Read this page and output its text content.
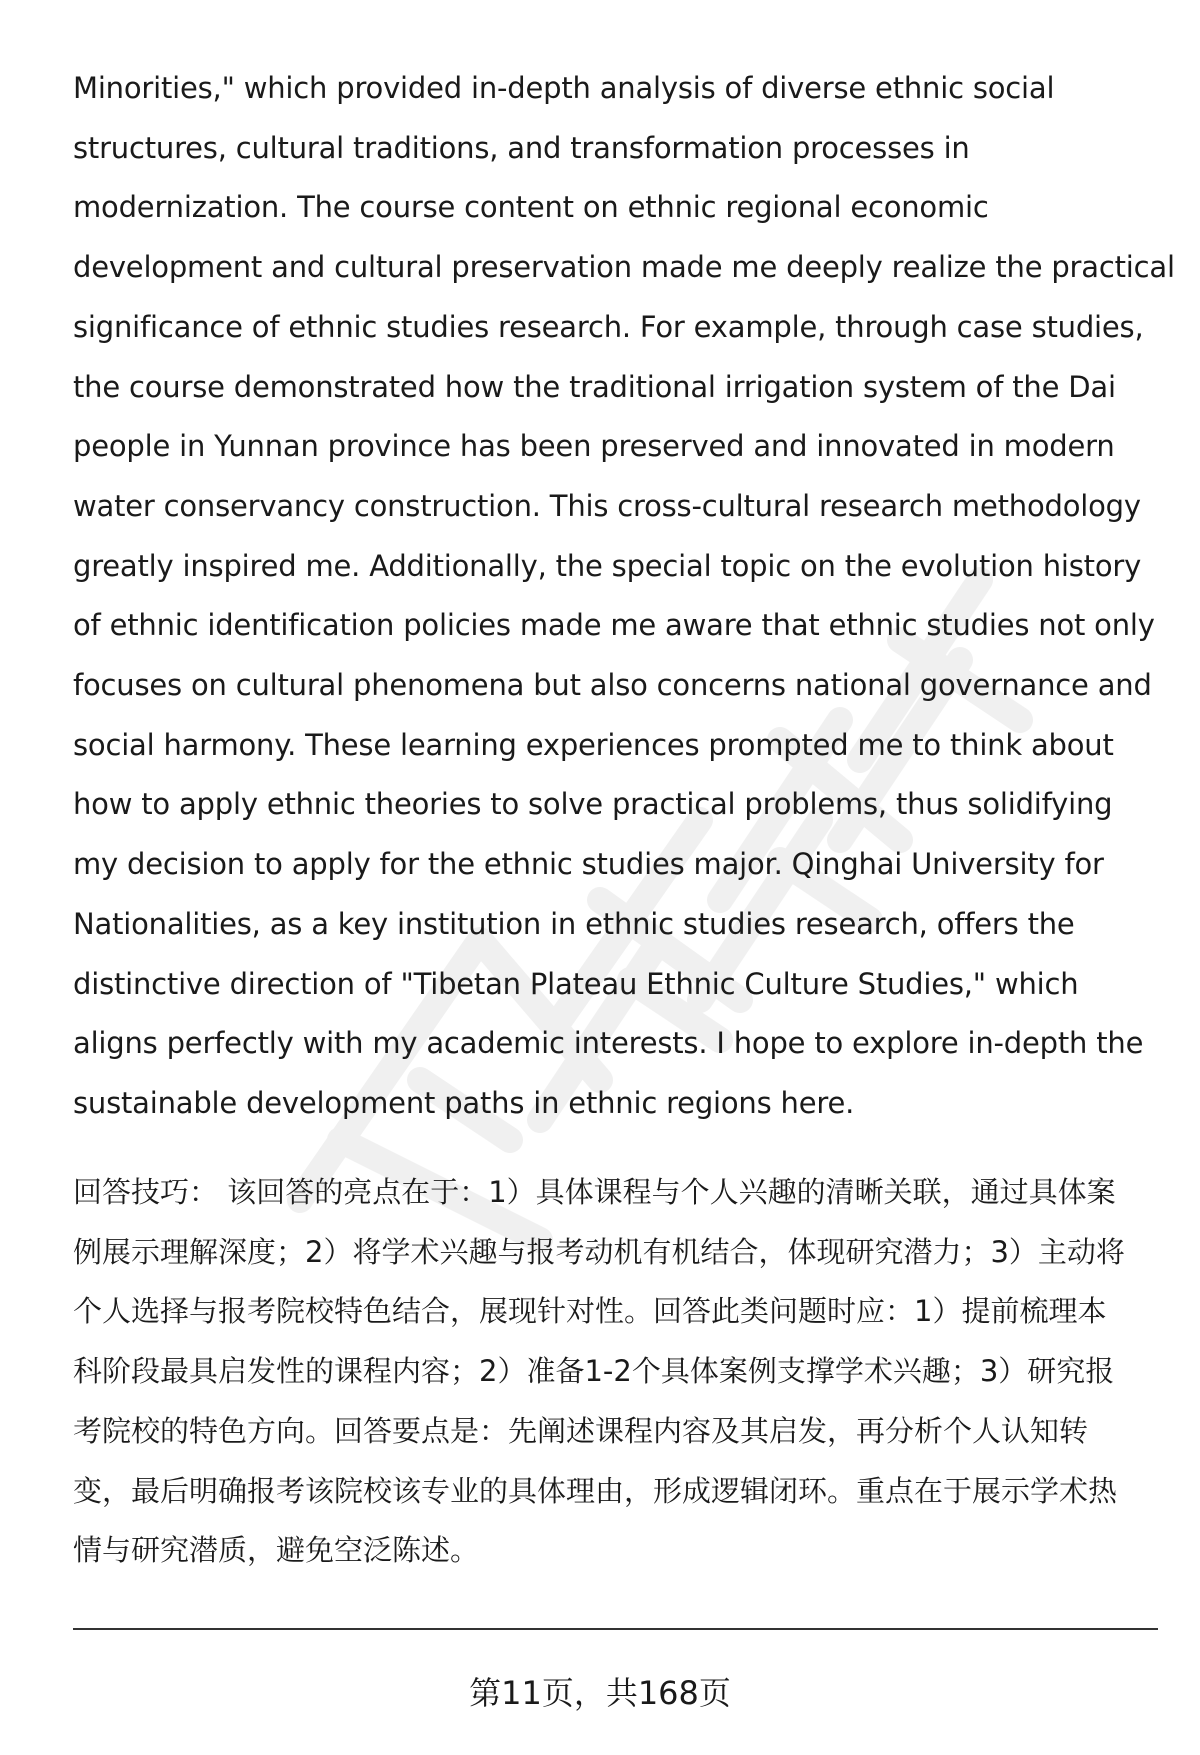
Minorities," which provided in-depth analysis of diverse ethnic social
structures, cultural traditions, and transformation processes in
modernization. The course content on ethnic regional economic
development and cultural preservation made me deeply realize the practical
significance of ethnic studies research. For example, through case studies,
the course demonstrated how the traditional irrigation system of the Dai
people in Yunnan province has been preserved and innovated in modern
water conservancy construction. This cross-cultural research methodology
greatly inspired me. Additionally, the special topic on the evolution history
of ethnic identification policies made me aware that ethnic studies not only
focuses on cultural phenomena but also concerns national governance and
social harmony. These learning experiences prompted me to think about
how to apply ethnic theories to solve practical problems, thus solidifying
my decision to apply for the ethnic studies major. Qinghai University for
Nationalities, as a key institution in ethnic studies research, offers the
distinctive direction of "Tibetan Plateau Ethnic Culture Studies," which
aligns perfectly with my academic interests. I hope to explore in-depth the
sustainable development paths in ethnic regions here.

回答技巧： 该回答的亮点在于：1）具体课程与个人兴趣的清晰关联，通过具体案
例展示理解深度；2）将学术兴趣与报考动机有机结合，体现研究潜力；3）主动将
个人选择与报考院校特色结合，展现针对性。回答此类问题时应：1）提前梳理本
科阶段最具启发性的课程内容；2）准备1-2个具体案例支撑学术兴趣；3）研究报
考院校的特色方向。回答要点是：先阐述课程内容及其启发，再分析个人认知转
变，最后明确报考该院校该专业的具体理由，形成逻辑闭环。重点在于展示学术热
情与研究潜质，避免空泛陈述。

第11页，共168页
